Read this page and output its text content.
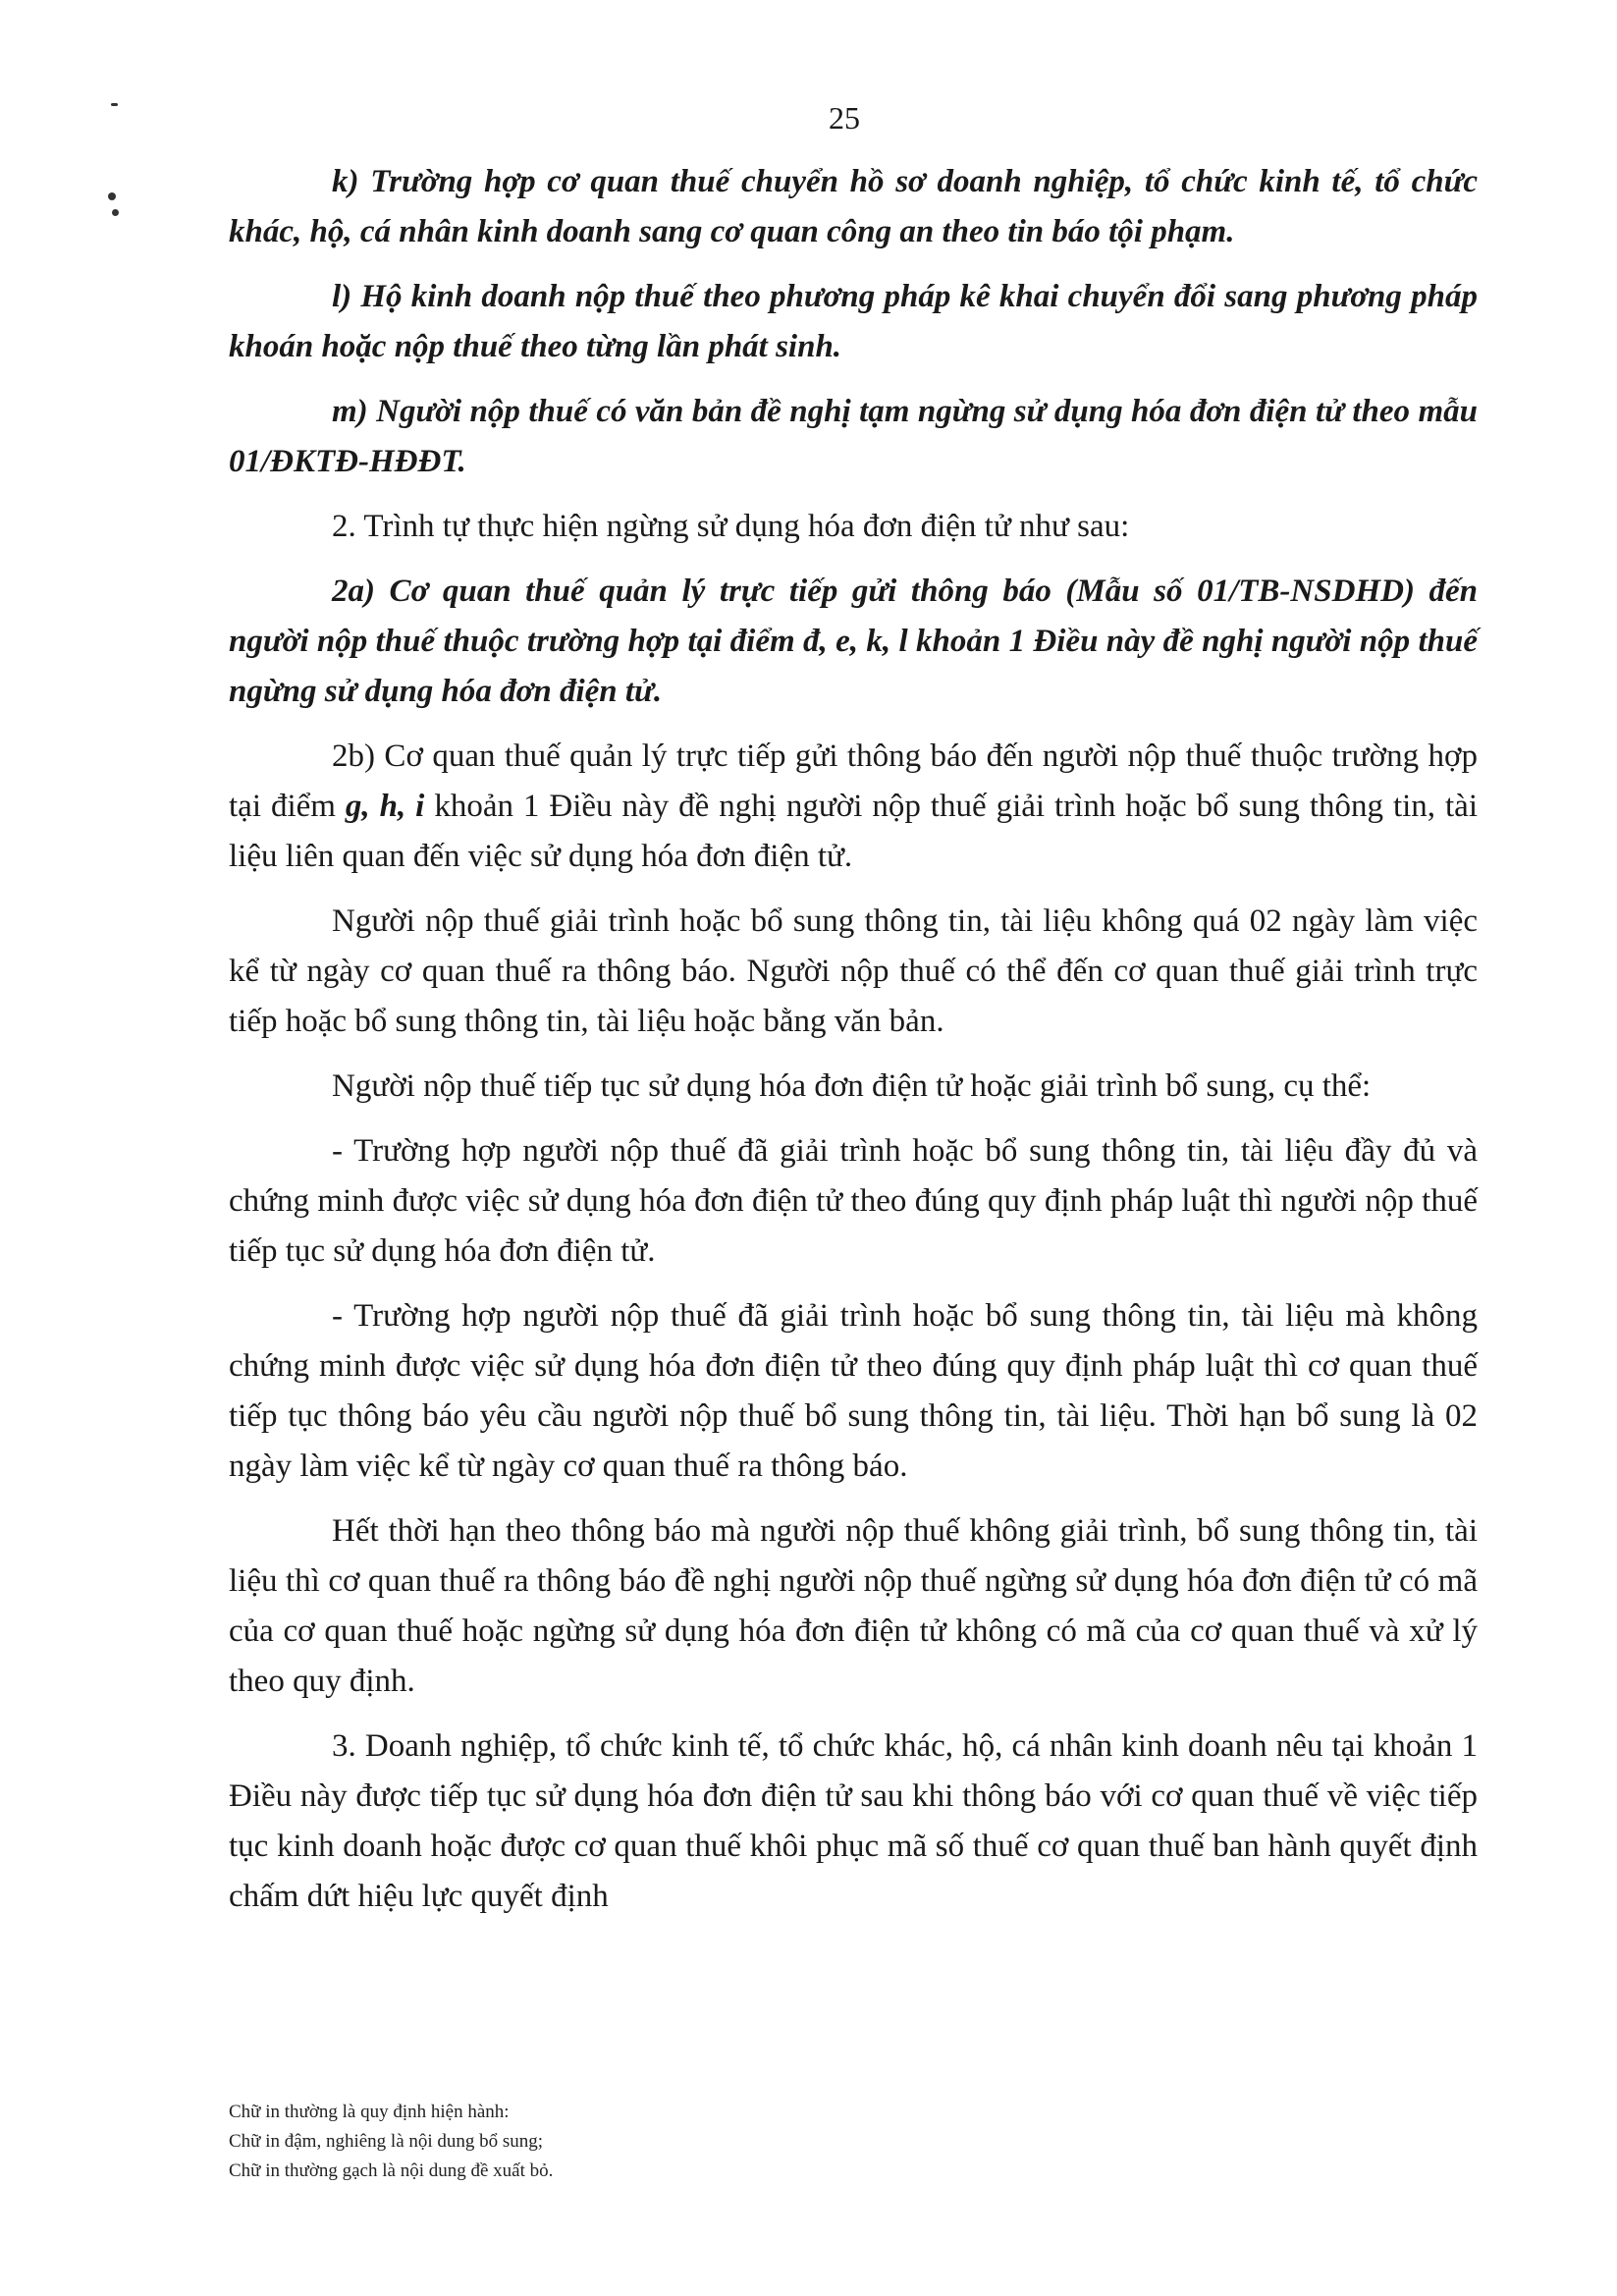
25

k) Trường hợp cơ quan thuế chuyển hồ sơ doanh nghiệp, tổ chức kinh tế, tổ chức khác, hộ, cá nhân kinh doanh sang cơ quan công an theo tin báo tội phạm.

l) Hộ kinh doanh nộp thuế theo phương pháp kê khai chuyển đổi sang phương pháp khoán hoặc nộp thuế theo từng lần phát sinh.

m) Người nộp thuế có văn bản đề nghị tạm ngừng sử dụng hóa đơn điện tử theo mẫu 01/ĐKTĐ-HĐĐT.

2. Trình tự thực hiện ngừng sử dụng hóa đơn điện tử như sau:

2a) Cơ quan thuế quản lý trực tiếp gửi thông báo (Mẫu số 01/TB-NSDHD) đến người nộp thuế thuộc trường hợp tại điểm đ, e, k, l khoản 1 Điều này đề nghị người nộp thuế ngừng sử dụng hóa đơn điện tử.

2b) Cơ quan thuế quản lý trực tiếp gửi thông báo đến người nộp thuế thuộc trường hợp tại điểm g, h, i khoản 1 Điều này đề nghị người nộp thuế giải trình hoặc bổ sung thông tin, tài liệu liên quan đến việc sử dụng hóa đơn điện tử.

Người nộp thuế giải trình hoặc bổ sung thông tin, tài liệu không quá 02 ngày làm việc kể từ ngày cơ quan thuế ra thông báo. Người nộp thuế có thể đến cơ quan thuế giải trình trực tiếp hoặc bổ sung thông tin, tài liệu hoặc bằng văn bản.

Người nộp thuế tiếp tục sử dụng hóa đơn điện tử hoặc giải trình bổ sung, cụ thể:

- Trường hợp người nộp thuế đã giải trình hoặc bổ sung thông tin, tài liệu đầy đủ và chứng minh được việc sử dụng hóa đơn điện tử theo đúng quy định pháp luật thì người nộp thuế tiếp tục sử dụng hóa đơn điện tử.

- Trường hợp người nộp thuế đã giải trình hoặc bổ sung thông tin, tài liệu mà không chứng minh được việc sử dụng hóa đơn điện tử theo đúng quy định pháp luật thì cơ quan thuế tiếp tục thông báo yêu cầu người nộp thuế bổ sung thông tin, tài liệu. Thời hạn bổ sung là 02 ngày làm việc kể từ ngày cơ quan thuế ra thông báo.

Hết thời hạn theo thông báo mà người nộp thuế không giải trình, bổ sung thông tin, tài liệu thì cơ quan thuế ra thông báo đề nghị người nộp thuế ngừng sử dụng hóa đơn điện tử có mã của cơ quan thuế hoặc ngừng sử dụng hóa đơn điện tử không có mã của cơ quan thuế và xử lý theo quy định.

3. Doanh nghiệp, tổ chức kinh tế, tổ chức khác, hộ, cá nhân kinh doanh nêu tại khoản 1 Điều này được tiếp tục sử dụng hóa đơn điện tử sau khi thông báo với cơ quan thuế về việc tiếp tục kinh doanh hoặc được cơ quan thuế khôi phục mã số thuế cơ quan thuế ban hành quyết định chấm dứt hiệu lực quyết định

Chữ in thường là quy định hiện hành:
Chữ in đậm, nghiêng là nội dung bổ sung;
Chữ in thường gạch là nội dung đề xuất bỏ.
